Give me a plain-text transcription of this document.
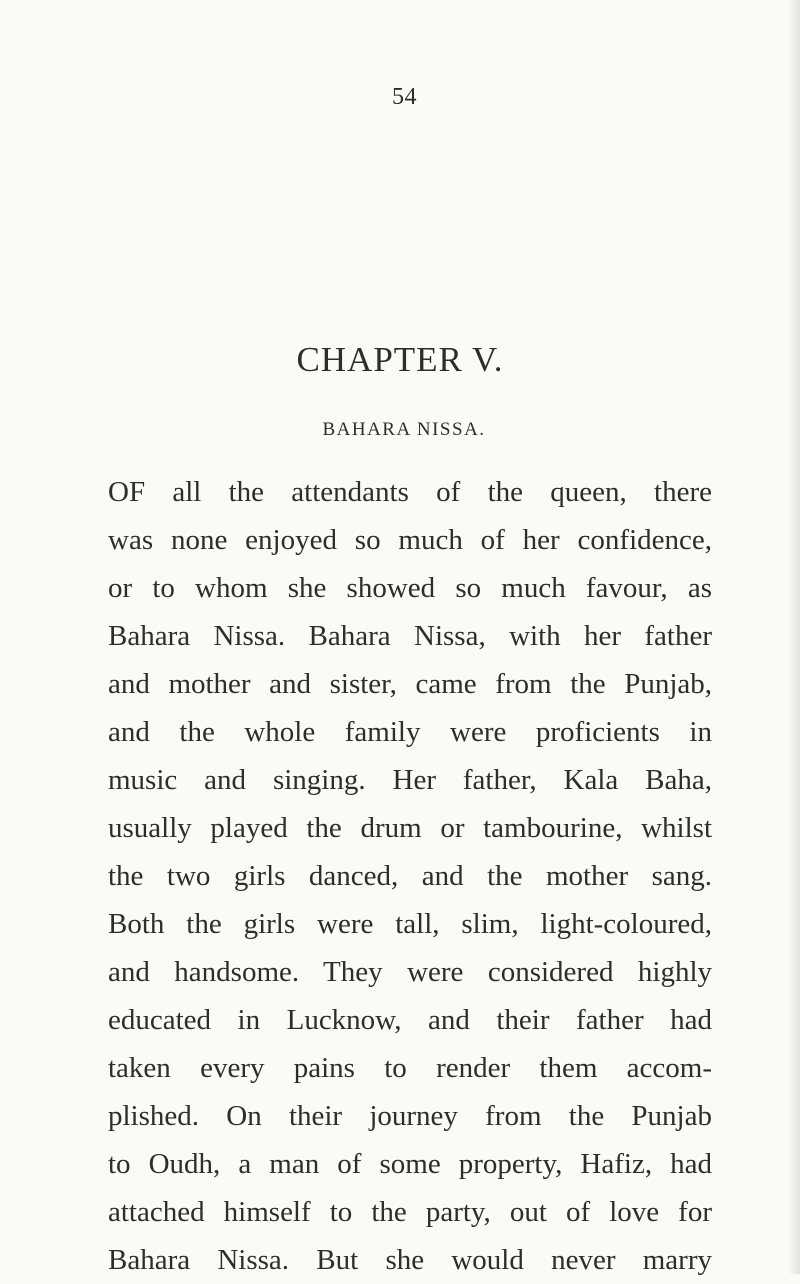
54
CHAPTER V.
BAHARA NISSA.
OF all the attendants of the queen, there
was none enjoyed so much of her confidence,
or to whom she showed so much favour, as
Bahara Nissa. Bahara Nissa, with her father
and mother and sister, came from the Punjab,
and the whole family were proficients in
music and singing. Her father, Kala Baha,
usually played the drum or tambourine, whilst
the two girls danced, and the mother sang.
Both the girls were tall, slim, light-coloured,
and handsome. They were considered highly
educated in Lucknow, and their father had
taken every pains to render them accom-
plished. On their journey from the Punjab
to Oudh, a man of some property, Hafiz, had
attached himself to the party, out of love for
Bahara Nissa. But she would never marry
